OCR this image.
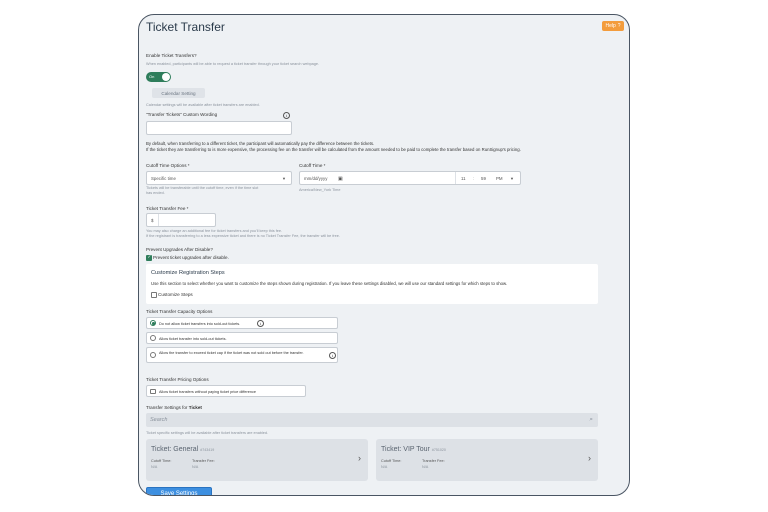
Ticket Transfer	Help ?
Enable Ticket Transfers?
When enabled, participants will be able to request a ticket transfer through your ticket search webpage.
On
Calendar Setting
Calendar settings will be available after ticket transfers are enabled.
"Transfer Tickets" Custom Wording	i
By default, when transferring to a different ticket, the participant will automatically pay the difference between the tickets.
If the ticket they are transferring to is more expensive, the processing fee on the transfer will be calculated from the amount needed to be paid to complete the transfer based on RunSignup's pricing.
Cutoff Time Options *
Specific time	▼
Tickets will be transferable until the cutoff time, even if the time slot
has ended.
Cutoff Time *
mm/dd/yyyy ▣	11 : 59 PM ▼
America/New_York Time
Ticket Transfer Fee *
$
You may also charge an additional fee for ticket transfers and you'll keep this fee.
If the registrant is transferring to a less expensive ticket and there is no Ticket Transfer Fee, the transfer will be free.
Prevent Upgrades After Disable?
✓
Prevent ticket upgrades after disable.
Customize Registration Steps
Use this section to select whether you want to customize the steps shown during registration. If you leave these settings disabled, we will use our standard settings for which steps to show.
Customize Steps
Ticket Transfer Capacity Options
Do not allow ticket transfers into sold-out tickets.	i
Allow ticket transfer into sold-out tickets.
Allow the transfer to exceed ticket cap if the ticket was not sold out before the transfer.	i
Ticket Transfer Pricing Options
Allow ticket transfers without paying ticket price difference
Transfer Settings for Ticket
Search	⌕
Ticket specific settings will be available after ticket transfers are enabled.
Ticket: General #743419
Cutoff Time:	Transfer Fee:
N/A	N/A
›
Ticket: VIP Tour #751020
Cutoff Time:	Transfer Fee:
N/A	N/A
›
Save Settings
